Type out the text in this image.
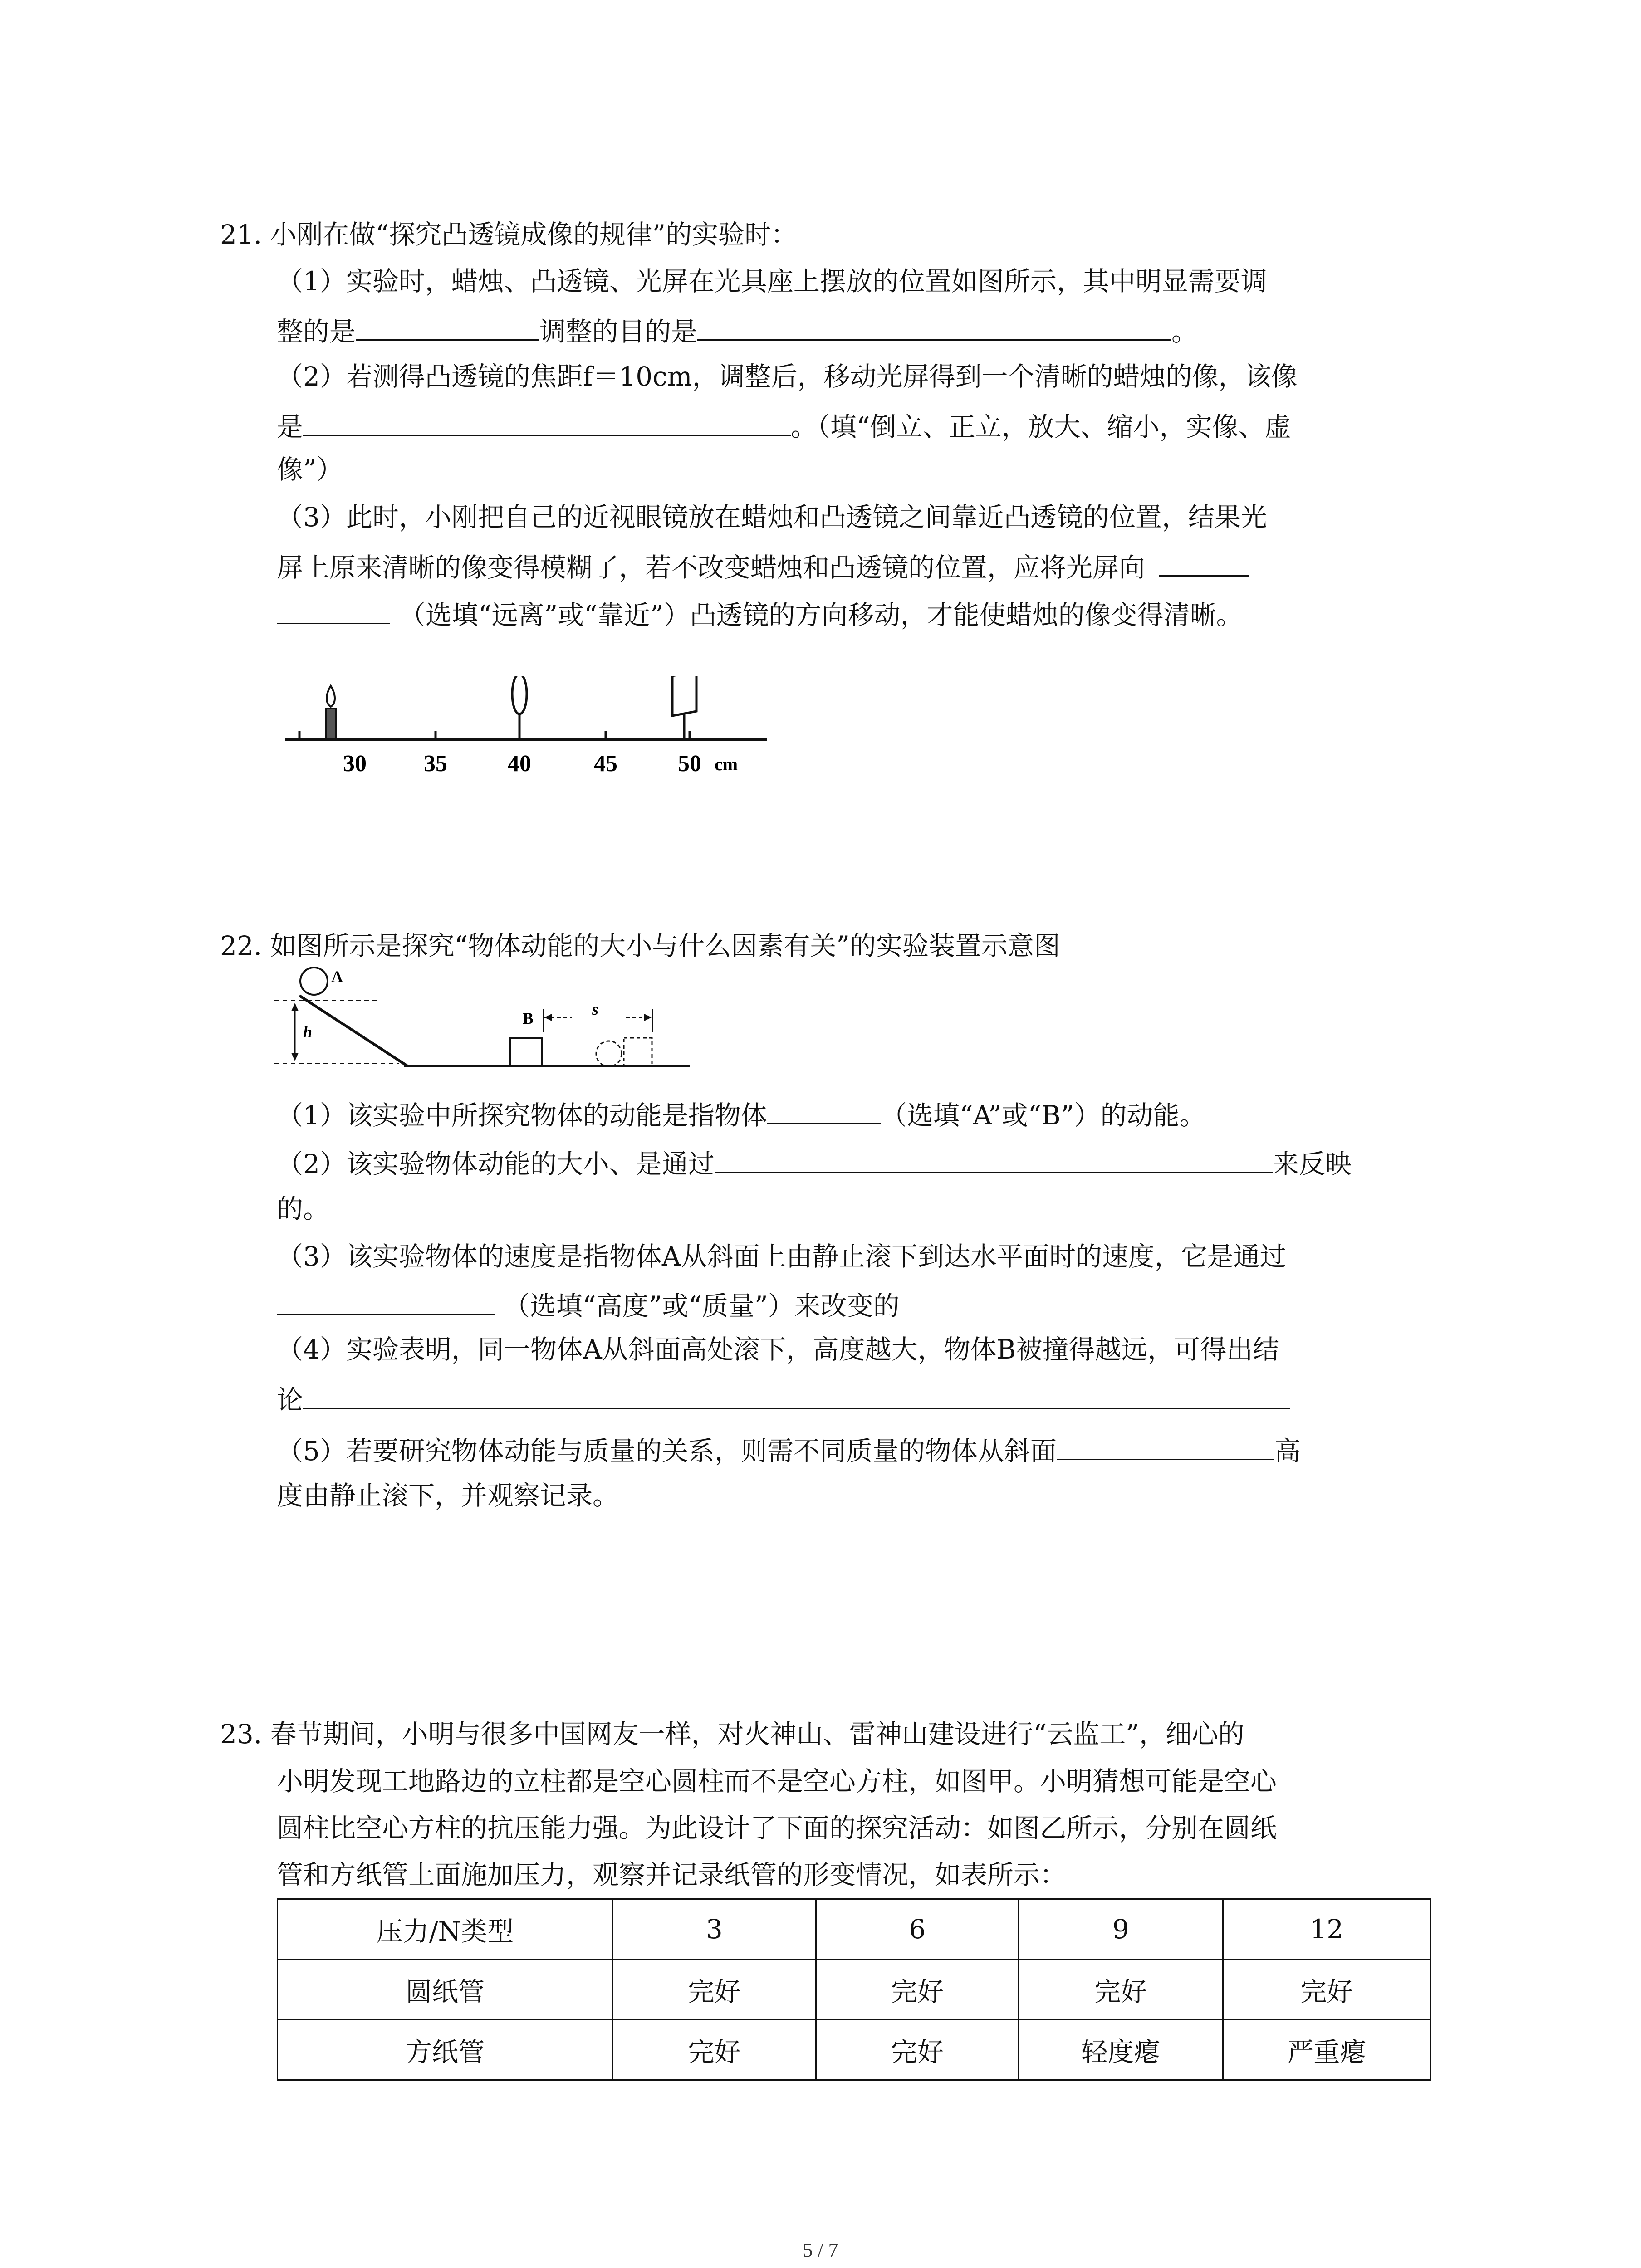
21. 小刚在做“探究凸透镜成像的规律”的实验时：
（1）实验时，蜡烛、凸透镜、光屏在光具座上摆放的位置如图所示，其中明显需要调
整的是	调整的目的是	。
（2）若测得凸透镜的焦距f＝10cm，调整后，移动光屏得到一个清晰的蜡烛的像，该像
是	。（填“倒立、正立，放大、缩小，实像、虚
像”）
（3）此时，小刚把自己的近视眼镜放在蜡烛和凸透镜之间靠近凸透镜的位置，结果光
屏上原来清晰的像变得模糊了，若不改变蜡烛和凸透镜的位置，应将光屏向
（选填“远离”或“靠近”）凸透镜的方向移动，才能使蜡烛的像变得清晰。
30 35	40	45	50 cm
22. 如图所示是探究“物体动能的大小与什么因素有关”的实验装置示意图
h
A
B	s
（1）该实验中所探究物体的动能是指物体	（选填“A”或“B”）的动能。
（2）该实验物体动能的大小、是通过	来反映
的。
（3）该实验物体的速度是指物体A从斜面上由静止滚下到达水平面时的速度，它是通过
（选填“高度”或“质量”）来改变的
（4）实验表明，同一物体A从斜面高处滚下，高度越大，物体B被撞得越远，可得出结
论
（5）若要研究物体动能与质量的关系，则需不同质量的物体从斜面	高
度由静止滚下，并观察记录。
23. 春节期间，小明与很多中国网友一样，对火神山、雷神山建设进行“云监工”，细心的
小明发现工地路边的立柱都是空心圆柱而不是空心方柱，如图甲。小明猜想可能是空心
圆柱比空心方柱的抗压能力强。为此设计了下面的探究活动：如图乙所示，分别在圆纸
管和方纸管上面施加压力，观察并记录纸管的形变情况，如表所示：
压力/N类型	3	6	9	12
圆纸管	完好	完好	完好	完好
方纸管	完好	完好	轻度瘪	严重瘪
5 / 7
